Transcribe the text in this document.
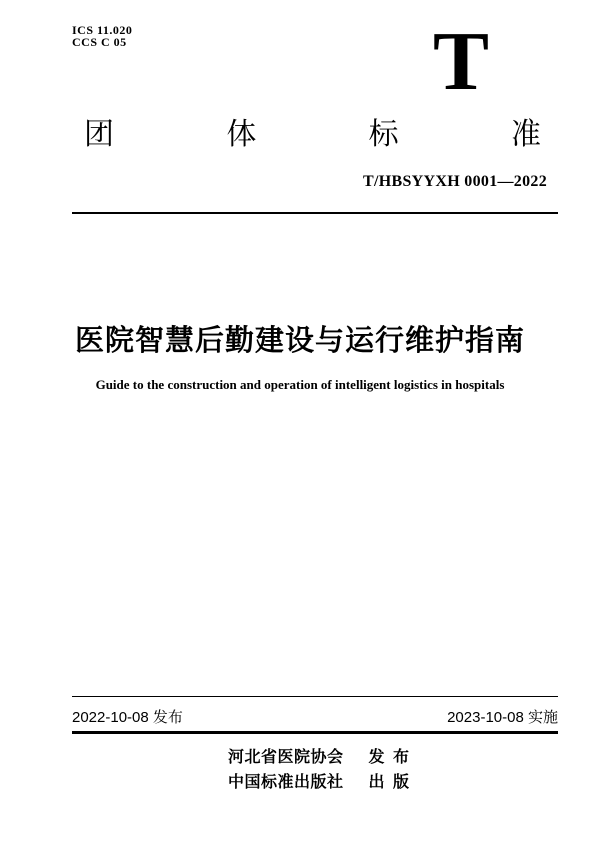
ICS 11.020
CCS C 05	T
团	体	标	准
T/HBSYYXH 0001—2022
医院智慧后勤建设与运行维护指南
Guide to the construction and operation of intelligent logistics in hospitals
2022-10-08 发布	2023-10-08 实施
河北省医院协会 发 布
中国标准出版社 出 版
